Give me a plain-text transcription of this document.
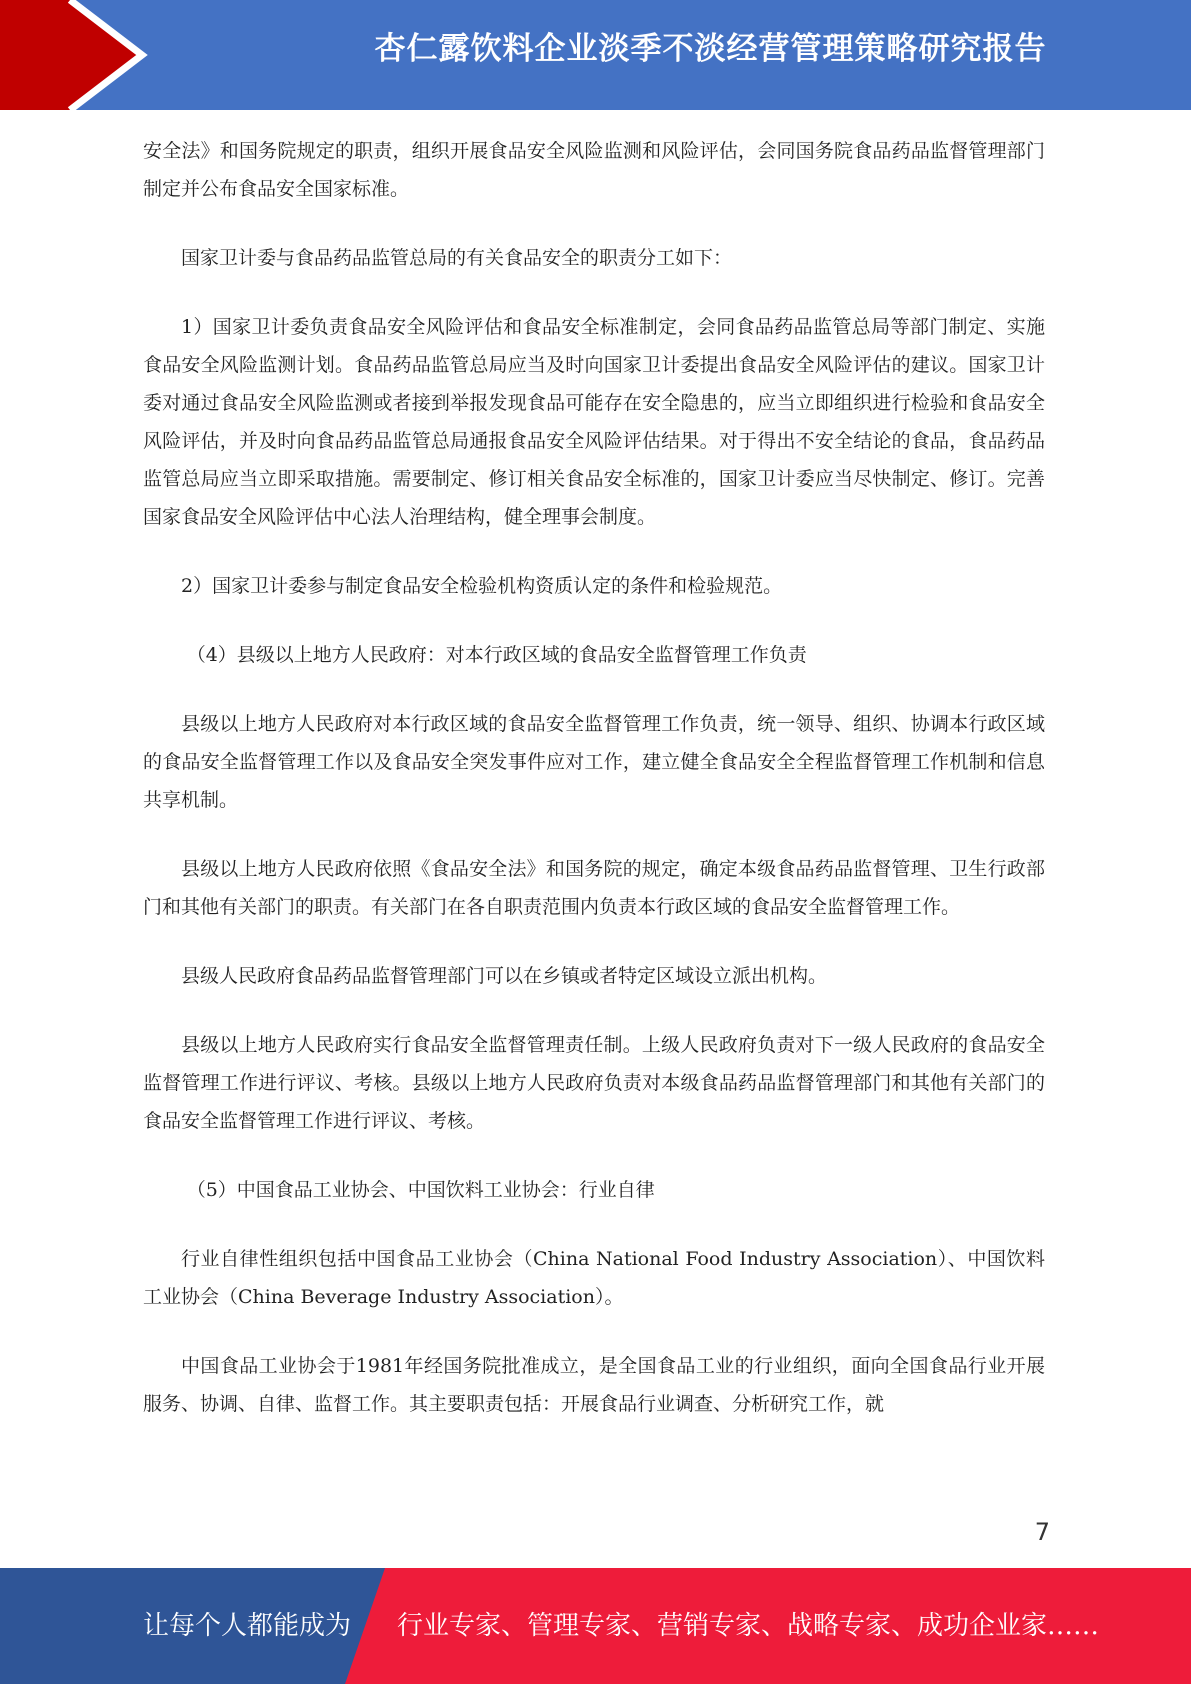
杏仁露饮料企业淡季不淡经营管理策略研究报告

安全法》和国务院规定的职责，组织开展食品安全风险监测和风险评估，会同国务院食品药品监督管理部门制定并公布食品安全国家标准。

国家卫计委与食品药品监管总局的有关食品安全的职责分工如下：

1）国家卫计委负责食品安全风险评估和食品安全标准制定，会同食品药品监管总局等部门制定、实施食品安全风险监测计划。食品药品监管总局应当及时向国家卫计委提出食品安全风险评估的建议。国家卫计委对通过食品安全风险监测或者接到举报发现食品可能存在安全隐患的，应当立即组织进行检验和食品安全风险评估，并及时向食品药品监管总局通报食品安全风险评估结果。对于得出不安全结论的食品，食品药品监管总局应当立即采取措施。需要制定、修订相关食品安全标准的，国家卫计委应当尽快制定、修订。完善国家食品安全风险评估中心法人治理结构，健全理事会制度。

2）国家卫计委参与制定食品安全检验机构资质认定的条件和检验规范。

（4）县级以上地方人民政府：对本行政区域的食品安全监督管理工作负责

县级以上地方人民政府对本行政区域的食品安全监督管理工作负责，统一领导、组织、协调本行政区域的食品安全监督管理工作以及食品安全突发事件应对工作，建立健全食品安全全程监督管理工作机制和信息共享机制。

县级以上地方人民政府依照《食品安全法》和国务院的规定，确定本级食品药品监督管理、卫生行政部门和其他有关部门的职责。有关部门在各自职责范围内负责本行政区域的食品安全监督管理工作。

县级人民政府食品药品监督管理部门可以在乡镇或者特定区域设立派出机构。

县级以上地方人民政府实行食品安全监督管理责任制。上级人民政府负责对下一级人民政府的食品安全监督管理工作进行评议、考核。县级以上地方人民政府负责对本级食品药品监督管理部门和其他有关部门的食品安全监督管理工作进行评议、考核。

（5）中国食品工业协会、中国饮料工业协会：行业自律

行业自律性组织包括中国食品工业协会（China National Food Industry Association）、中国饮料工业协会（China Beverage Industry Association）。

中国食品工业协会于1981年经国务院批准成立，是全国食品工业的行业组织，面向全国食品行业开展服务、协调、自律、监督工作。其主要职责包括：开展食品行业调查、分析研究工作，就

7
让每个人都能成为 行业专家、管理专家、营销专家、战略专家、成功企业家……
